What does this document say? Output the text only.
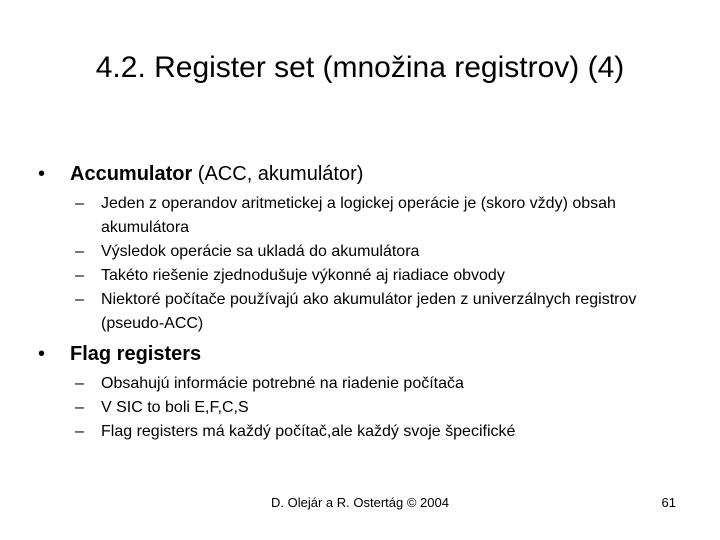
4.2. Register set (množina registrov) (4)
• Accumulator (ACC, akumulátor)
– Jeden z operandov aritmetickej a logickej operácie je (skoro vždy) obsah akumulátora
– Výsledok operácie sa ukladá do akumulátora
– Takéto riešenie zjednodušuje výkonné aj riadiace obvody
– Niektoré počítače používajú ako akumulátor jeden z univerzálnych registrov (pseudo-ACC)
• Flag registers
– Obsahujú informácie potrebné na riadenie počítača
– V SIC to boli E,F,C,S
– Flag registers má každý počítač,ale každý svoje špecifické
D. Olejár a R. Ostertág © 2004	61
